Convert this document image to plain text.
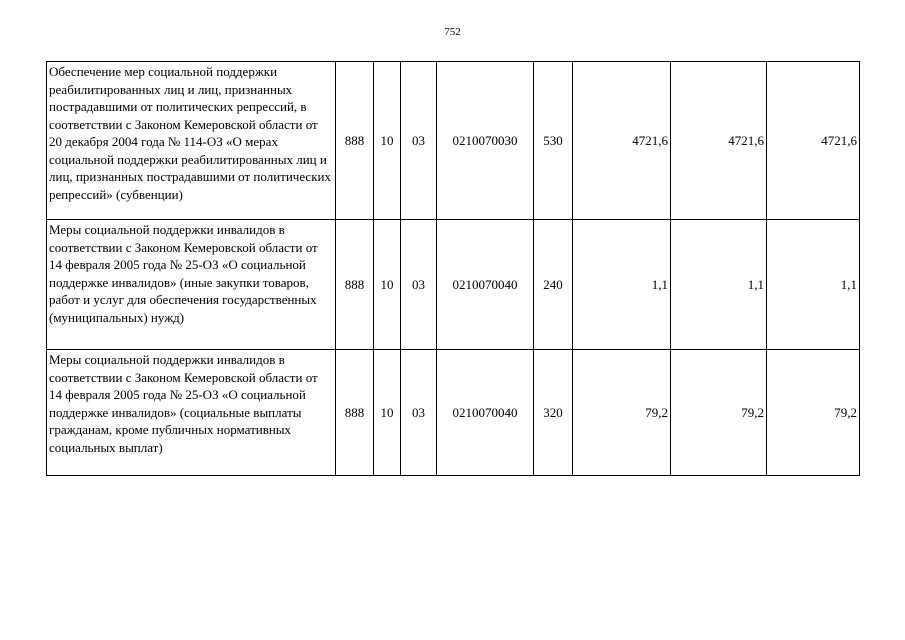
752
Обеспечение мер социальной поддержки реабилитированных лиц и лиц, признанных пострадавшими от политических репрессий, в соответствии с Законом Кемеровской области от 20 декабря 2004 года № 114-ОЗ «О мерах социальной поддержки реабилитированных лиц и лиц, признанных пострадавшими от политических репрессий» (субвенции)	888	10	03	0210070030	530	4721,6	4721,6	4721,6
Меры социальной поддержки инвалидов в соответствии с Законом Кемеровской области от 14 февраля 2005 года № 25-ОЗ «О социальной поддержке инвалидов» (иные закупки товаров, работ и услуг для обеспечения государственных (муниципальных) нужд)	888	10	03	0210070040	240	1,1	1,1	1,1
Меры социальной поддержки инвалидов в соответствии с Законом Кемеровской области от 14 февраля 2005 года № 25-ОЗ «О социальной поддержке инвалидов» (социальные выплаты гражданам, кроме публичных нормативных социальных выплат)	888	10	03	0210070040	320	79,2	79,2	79,2
